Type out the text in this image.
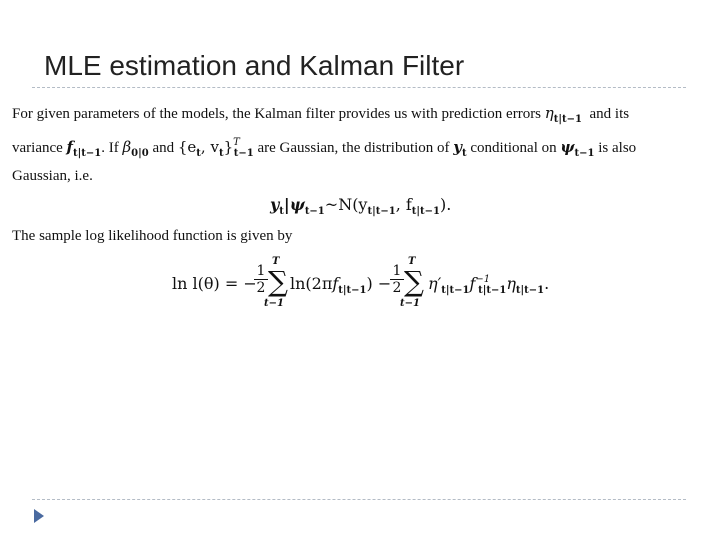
MLE estimation and Kalman Filter
For given parameters of the models, the Kalman filter provides us with prediction errors $\eta_{t|t-1}$ and its
variance $f_{t|t-1}$. If $\beta_{0|0}$ and {$e_t$, $v_t\}^T_{t-1}$ are Gaussian, the distribution of $y_t$ conditional on $\psi_{t-1}$ is also
Gaussian, i.e.
The sample log likelihood function is given by
$y_t|\psi_{t-1}\sim N(y_{t|t-1}$, $f_{t|t-1}$).
ln l(θ) = −
$\frac{1}{2}$
T
∑
t−1
$\ln(2\pi f_{t|t-1})$ −
$\frac{1}{2}$
T
∑
t−1
$\eta'_{t|t-1}f^{-1}_{t|t-1}\eta_{t|t-1}$.
